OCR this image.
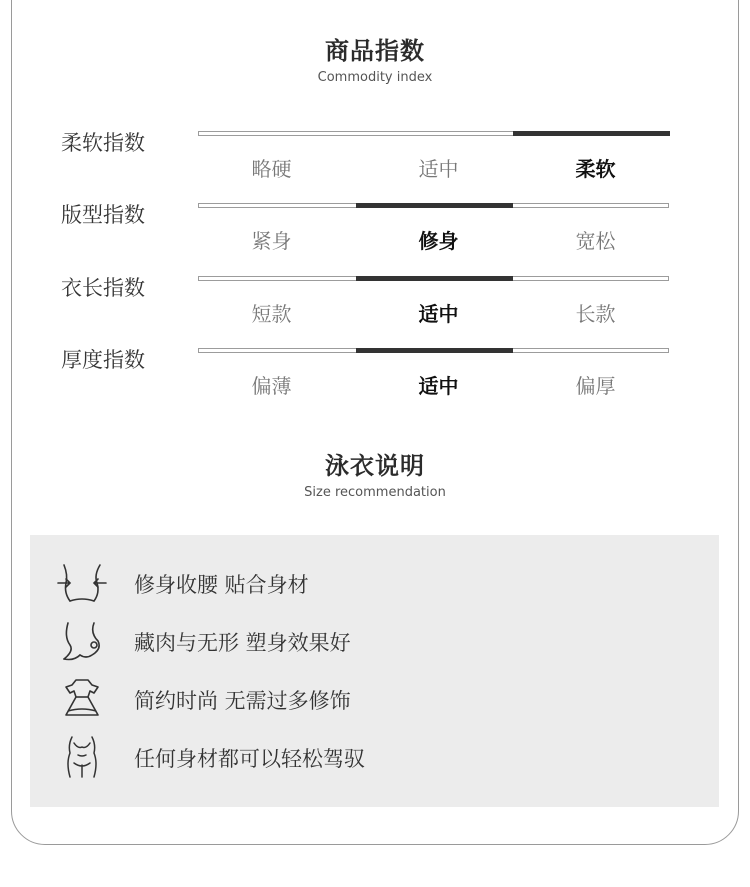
商品指数
Commodity index
柔软指数
略硬	适中	柔软
版型指数
紧身	修身	宽松
衣长指数
短款	适中	长款
厚度指数
偏薄	适中	偏厚
泳衣说明
Size recommendation
修身收腰 贴合身材
藏肉与无形 塑身效果好
简约时尚 无需过多修饰
任何身材都可以轻松驾驭
